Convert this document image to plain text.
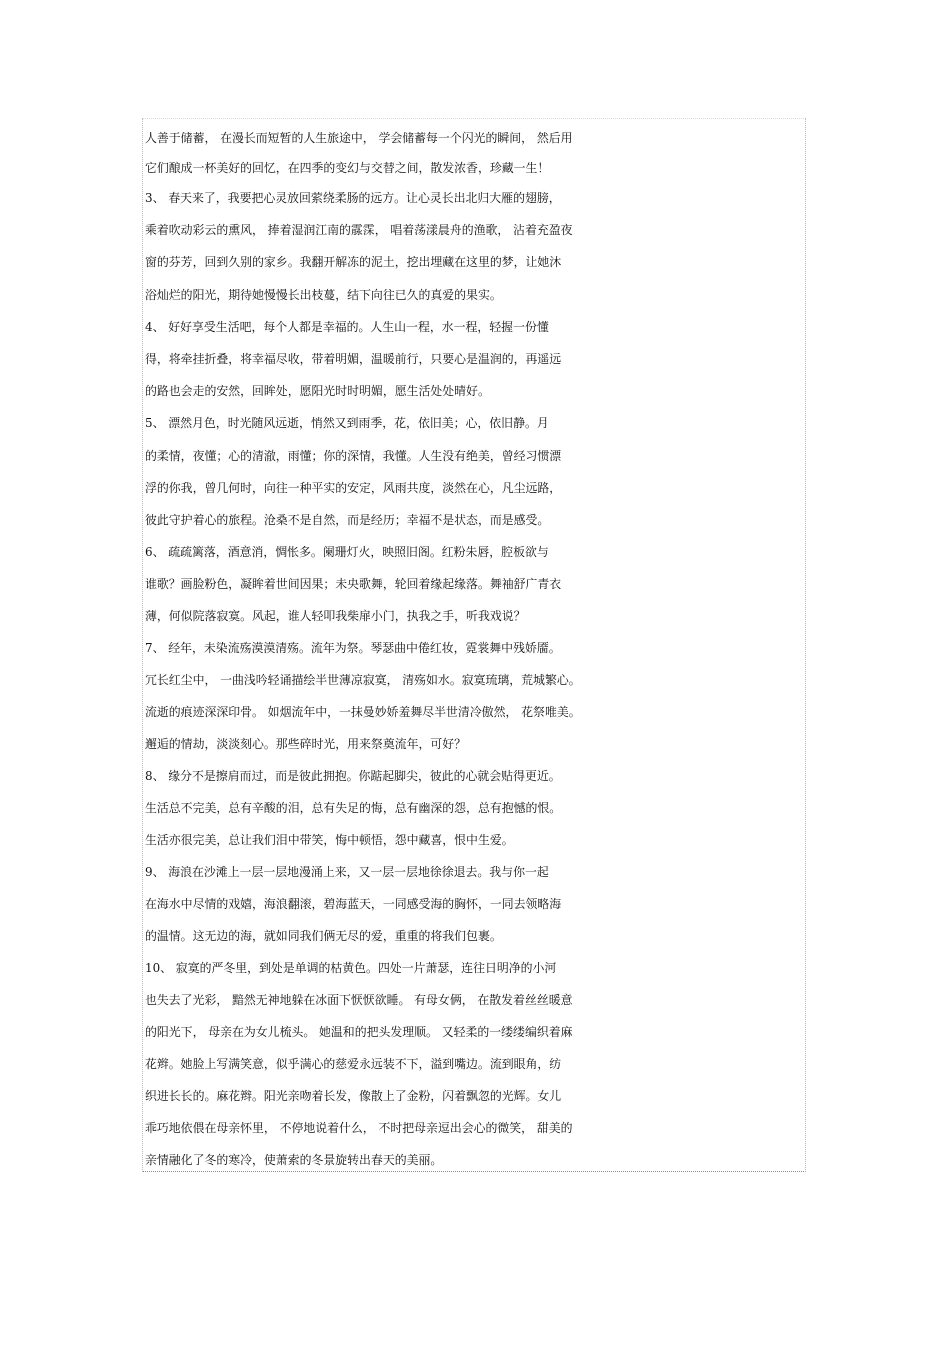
人善于储蓄， 在漫长而短暂的人生旅途中， 学会储蓄每一个闪光的瞬间， 然后用
它们酿成一杯美好的回忆，在四季的变幻与交替之间，散发浓香，珍藏一生！
3、 春天来了，我要把心灵放回萦绕柔肠的远方。让心灵长出北归大雁的翅膀，
乘着吹动彩云的熏风， 捧着湿润江南的霡霂， 唱着荡漾晨舟的渔歌， 沾着充盈夜
窗的芬芳，回到久别的家乡。我翻开解冻的泥土，挖出埋藏在这里的梦，让她沐
浴灿烂的阳光，期待她慢慢长出枝蔓，结下向往已久的真爱的果实。
4、 好好享受生活吧，每个人都是幸福的。人生山一程，水一程，轻握一份懂
得，将牵挂折叠，将幸福尽收，带着明媚，温暖前行，只要心是温润的，再遥远
的路也会走的安然，回眸处，愿阳光时时明媚，愿生活处处晴好。
5、 漂然月色，时光随风远逝，悄然又到雨季，花，依旧美；心，依旧静。月
的柔情，夜懂；心的清澈，雨懂；你的深情，我懂。人生没有绝美，曾经习惯漂
浮的你我，曾几何时，向往一种平实的安定，风雨共度，淡然在心，凡尘远路，
彼此守护着心的旅程。沧桑不是自然，而是经历；幸福不是状态，而是感受。
6、 疏疏篱落，酒意消，惆怅多。阑珊灯火，映照旧阁。红粉朱唇，腔板欲与
谁歌？画脸粉色，凝眸着世间因果；未央歌舞，轮回着缘起缘落。舞袖舒广青衣
薄，何似院落寂寞。风起，谁人轻叩我柴扉小门，执我之手，听我戏说？
7、 经年，未染流殇漠漠清殇。流年为祭。琴瑟曲中倦红妆，霓裳舞中残娇靥。
冗长红尘中， 一曲浅吟轻诵描绘半世薄凉寂寞， 清殇如水。寂寞琉璃，荒城繁心。
流逝的痕迹深深印骨。 如烟流年中，一抹曼妙娇羞舞尽半世清冷傲然， 花祭唯美。
邂逅的情劫，淡淡刻心。那些碎时光，用来祭奠流年，可好？
8、 缘分不是擦肩而过，而是彼此拥抱。你踮起脚尖，彼此的心就会贴得更近。
生活总不完美，总有辛酸的泪，总有失足的悔，总有幽深的怨，总有抱憾的恨。
生活亦很完美，总让我们泪中带笑，悔中顿悟，怨中藏喜，恨中生爱。
9、 海浪在沙滩上一层一层地漫涌上来，又一层一层地徐徐退去。我与你一起
在海水中尽情的戏嬉，海浪翻滚，碧海蓝天，一同感受海的胸怀，一同去领略海
的温情。这无边的海，就如同我们俩无尽的爱，重重的将我们包裹。
10、 寂寞的严冬里，到处是单调的枯黄色。四处一片萧瑟，连往日明净的小河
也失去了光彩， 黯然无神地躲在冰面下恹恹欲睡。 有母女俩， 在散发着丝丝暖意
的阳光下， 母亲在为女儿梳头。 她温和的把头发理顺。 又轻柔的一缕缕编织着麻
花辫。她脸上写满笑意，似乎满心的慈爱永远装不下，溢到嘴边。流到眼角，纺
织进长长的。麻花辫。阳光亲吻着长发，像散上了金粉，闪着飘忽的光辉。女儿
乖巧地依偎在母亲怀里， 不停地说着什么， 不时把母亲逗出会心的微笑， 甜美的
亲情融化了冬的寒冷，使萧索的冬景旋转出春天的美丽。
